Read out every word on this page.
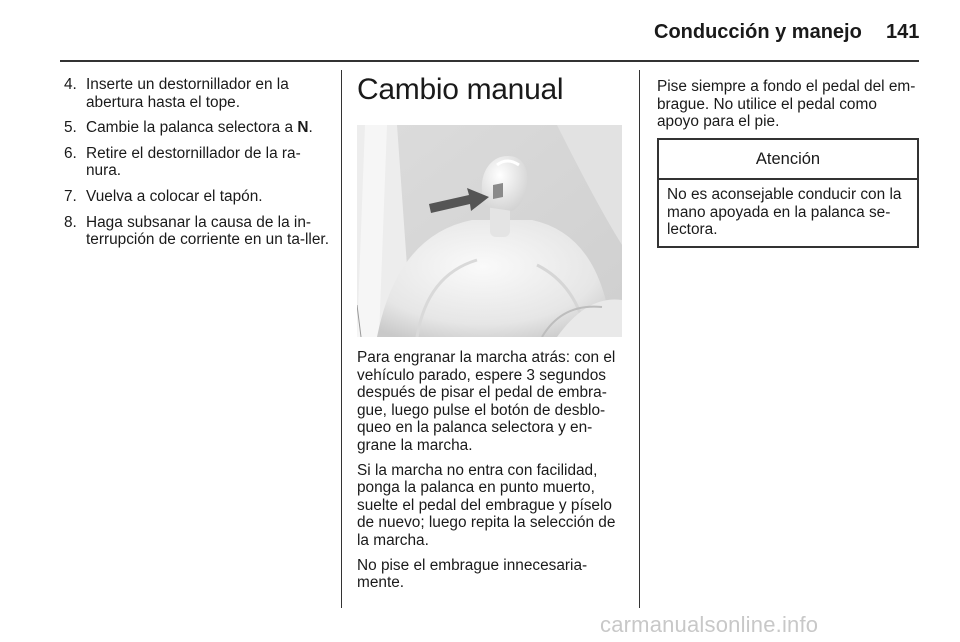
Conducción y manejo 141
4. Inserte un destornillador en la abertura hasta el tope.
5. Cambie la palanca selectora a N.
6. Retire el destornillador de la ra-nura.
7. Vuelva a colocar el tapón.
8. Haga subsanar la causa de la in-terrupción de corriente en un ta-ller.
Cambio manual

Para engranar la marcha atrás: con el vehículo parado, espere 3 segundos después de pisar el pedal de embra-gue, luego pulse el botón de desblo-queo en la palanca selectora y en-grane la marcha.

Si la marcha no entra con facilidad, ponga la palanca en punto muerto, suelte el pedal del embrague y píselo de nuevo; luego repita la selección de la marcha.

No pise el embrague innecesaria-mente.

Pise siempre a fondo el pedal del em-brague. No utilice el pedal como apoyo para el pie.

Atención
No es aconsejable conducir con la mano apoyada en la palanca se-lectora.
carmanualsonline.info
